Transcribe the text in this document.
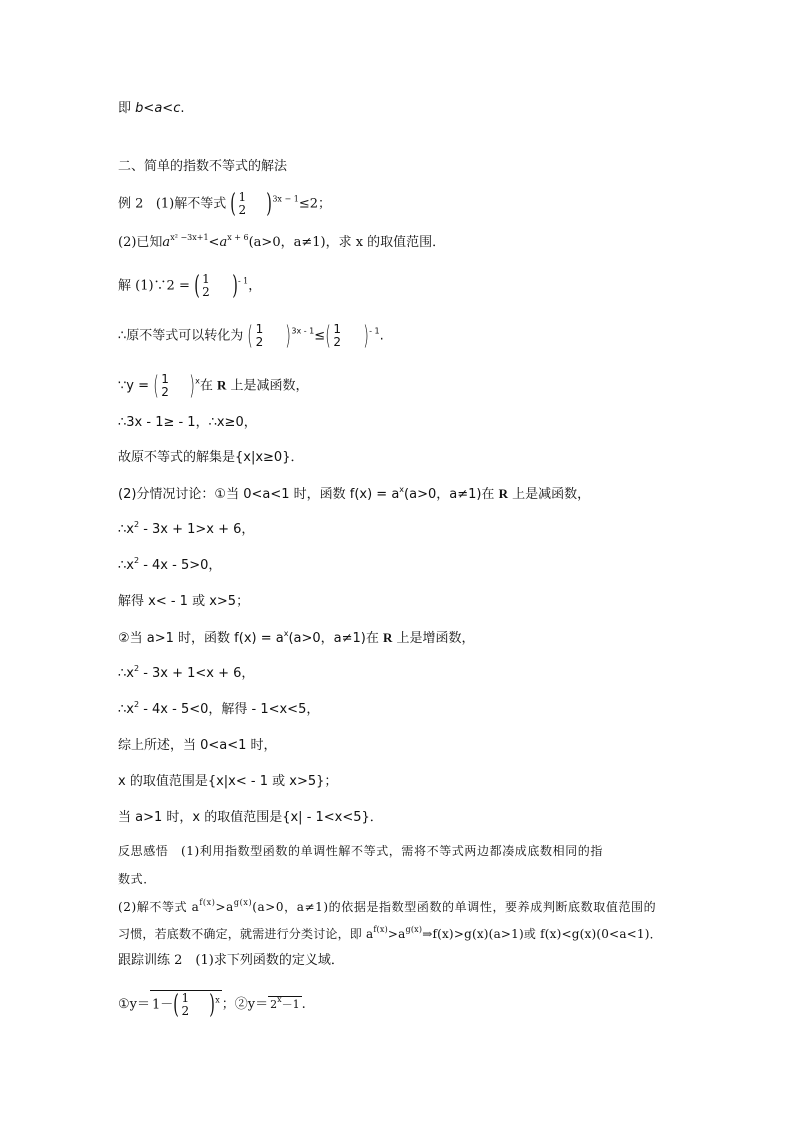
即 b<a<c.
二、简单的指数不等式的解法
例 2 (1)解不等式 ( 1
2 )$^{3x - 1}$≤2；
(2)已知$a^{x^2 -3x+1}<a^{x + 6}(a>0$，a≠1)，求 x 的取值范围．
解 (1)∵2 = ( 1
2 )$^{- 1}$，
∴原不等式可以转化为 ( 1
2 )$^{3x - 1}$≤( 1
2 )$^{- 1}$.
∵y = ( 1
2 )$^x$在 R 上是减函数，
∴3x - 1≥ - 1，∴x≥0，
故原不等式的解集是{x|x≥0}．
(2)分情况讨论：①当 0<a<1 时，函数 $f(x) = a^x(a>0$，a≠1)在 R 上是减函数，
$\therefore x^2 - 3x + 1>x + 6$，
$\therefore x^2 - 4x - 5>0$，
解得 x< - 1 或 x>5；
②当 a>1 时，函数 $f(x) = a^x(a>0$，a≠1)在 R 上是增函数，
$\therefore x^2 - 3x + 1<x + 6$，
$\therefore x^2 - 4x - 5<0$，解得 - 1<x<5，
综上所述，当 0<a<1 时，
x 的取值范围是{x|x< - 1 或 x>5}；
当 a>1 时，x 的取值范围是{x| - 1<x<5}．
反思感悟　(1)利用指数型函数的单调性解不等式，需将不等式两边都凑成底数相同的指
数式．
(2)解不等式 $a^{f(x)}>a^{g(x)}(a>0$，a≠1)的依据是指数型函数的单调性，要养成判断底数取值范围的
习惯，若底数不确定，就需进行分类讨论，即 $a^{f(x)}>a^{g(x)}\Rightarrow f(x)>g(x)(a>1)$或 f(x)<g(x)(0<a<1)．
跟踪训练 2　(1)求下列函数的定义域．
①y＝ 1－( 1
2 )$^x$ ；②y＝ $2^x-1$ .
